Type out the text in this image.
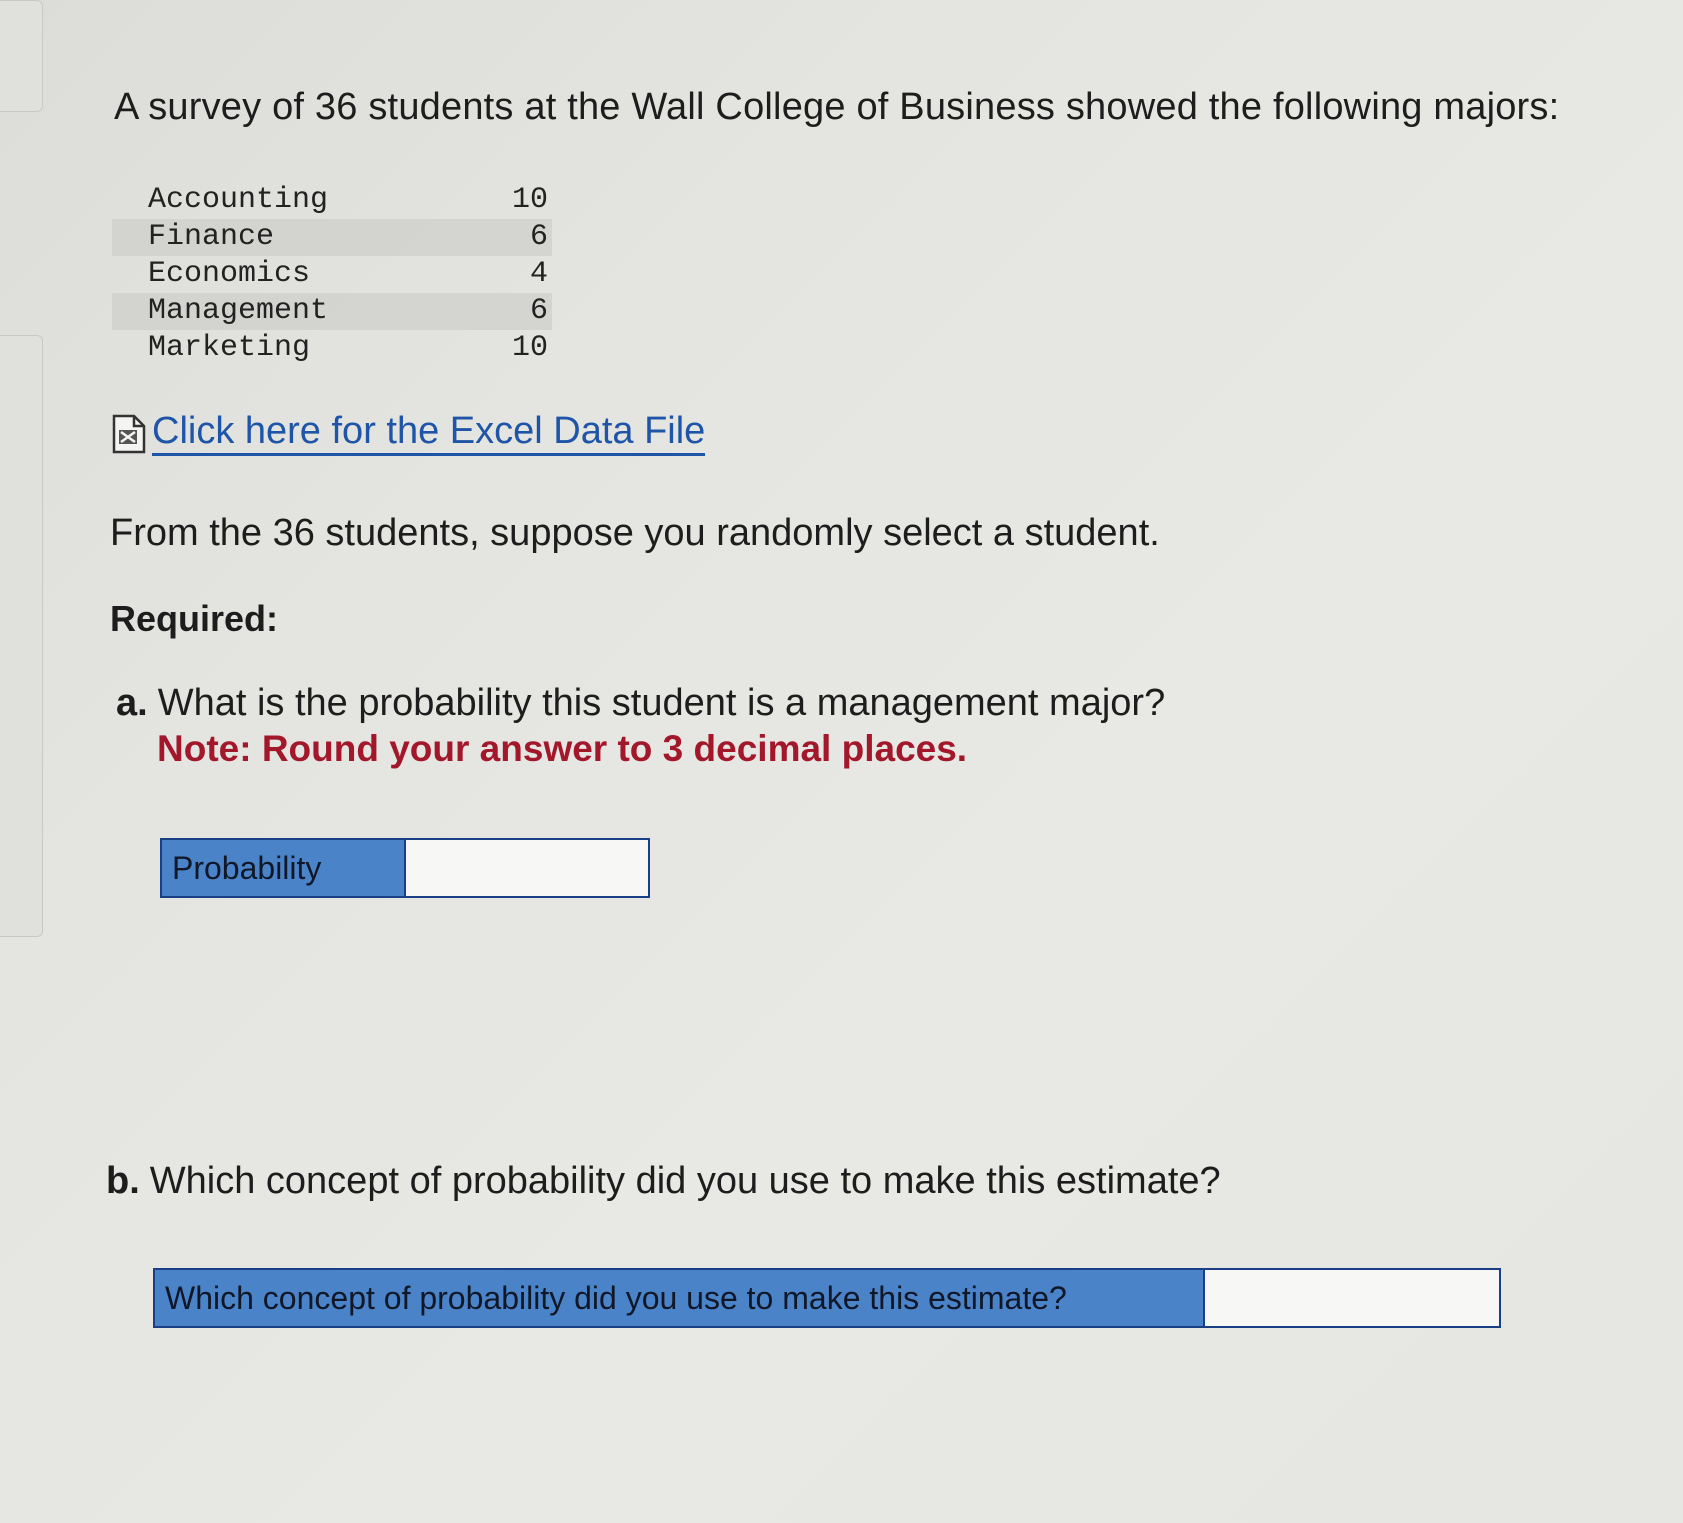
A survey of 36 students at the Wall College of Business showed the following majors:
Accounting	10
Finance	6
Economics	4
Management	6
Marketing	10
Click here for the Excel Data File
From the 36 students, suppose you randomly select a student.
Required:
a. What is the probability this student is a management major?
Note: Round your answer to 3 decimal places.
Probability
b. Which concept of probability did you use to make this estimate?
Which concept of probability did you use to make this estimate?
